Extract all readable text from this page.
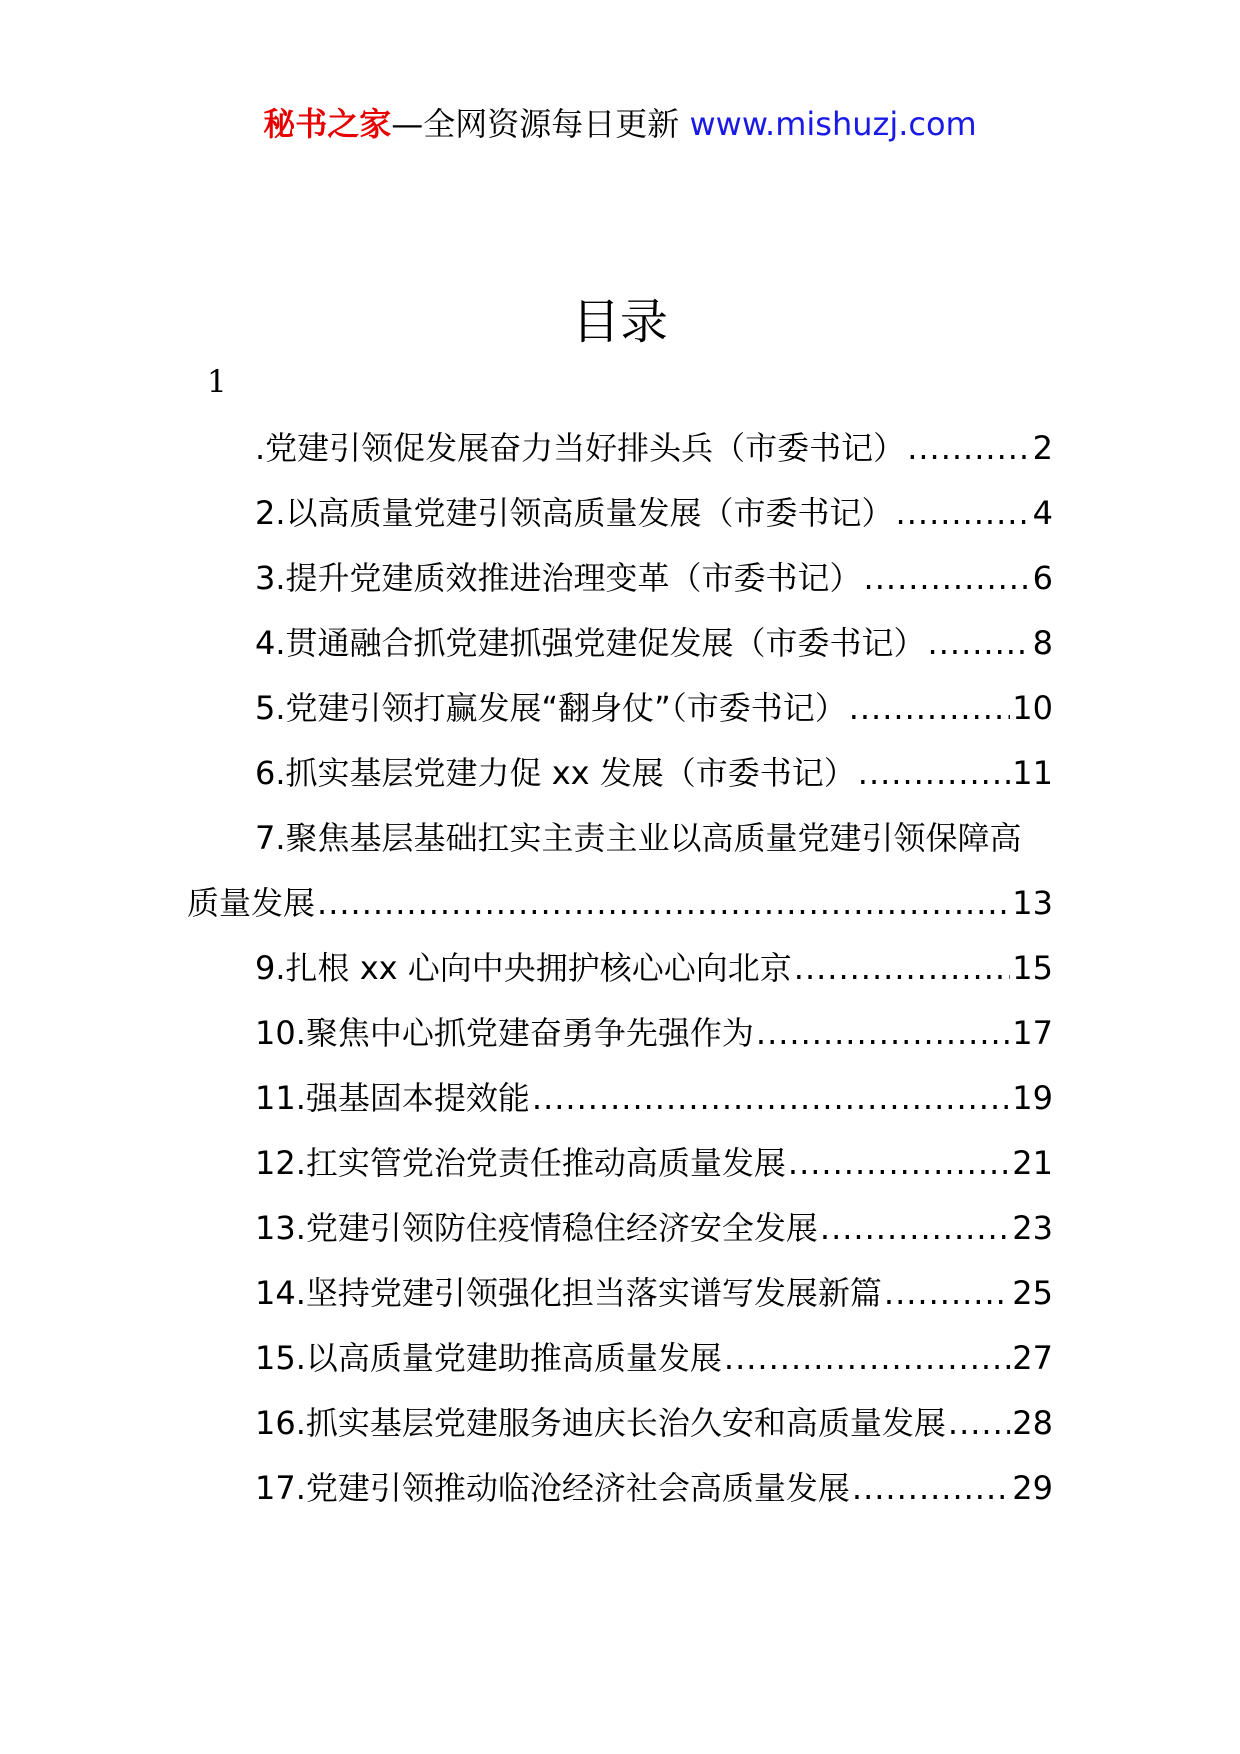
秘书之家—全网资源每日更新 www.mishuzj.com
目录
1
.党建引领促发展奋力当好排头兵（市委书记） .....	2
2.以高质量党建引领高质量发展（市委书记） .....	4
3.提升党建质效推进治理变革（市委书记） .....	6
4.贯通融合抓党建抓强党建促发展（市委书记） .....	8
5.党建引领打赢发展“翻身仗”（市委书记） .....	10
6.抓实基层党建力促 xx 发展（市委书记） .....	11
7.聚焦基层基础扛实主责主业以高质量党建引领保障高
质量发展 .....	13
9.扎根 xx 心向中央拥护核心心向北京 .....	15
10.聚焦中心抓党建奋勇争先强作为 .....	17
11.强基固本提效能 .....	19
12.扛实管党治党责任推动高质量发展 .....	21
13.党建引领防住疫情稳住经济安全发展 .....	23
14.坚持党建引领强化担当落实谱写发展新篇 .....	25
15.以高质量党建助推高质量发展 .....	27
16.抓实基层党建服务迪庆长治久安和高质量发展 ..... 28
17.党建引领推动临沧经济社会高质量发展 .....	29
